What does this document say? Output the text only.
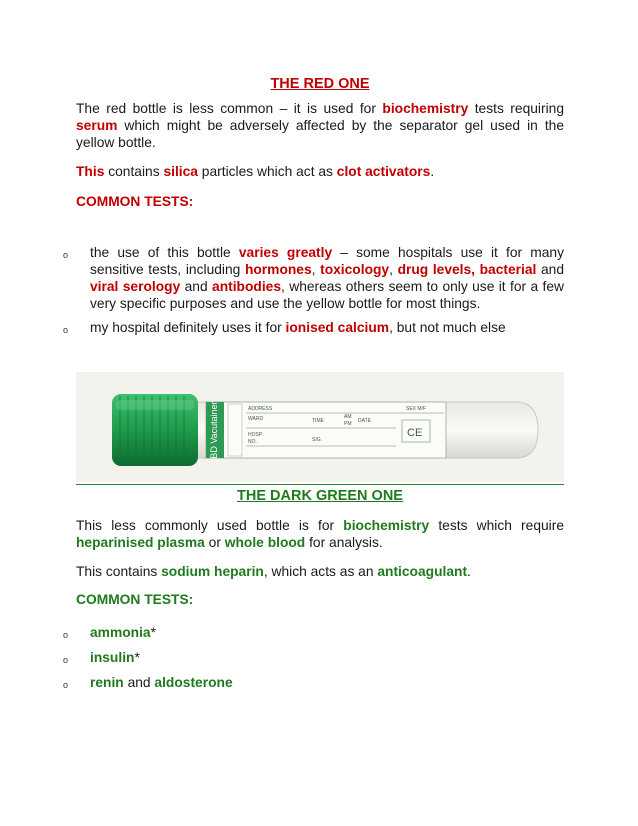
THE RED ONE

The red bottle is less common – it is used for biochemistry tests requiring serum which might be adversely affected by the separator gel used in the yellow bottle.

This contains silica particles which act as clot activators.

COMMON TESTS:
o the use of this bottle varies greatly – some hospitals use it for many sensitive tests, including hormones, toxicology, drug levels, bacterial and viral serology and antibodies, whereas others seem to only use it for a few very specific purposes and use the yellow bottle for most things.
o my hospital definitely uses it for ionised calcium, but not much else
BD Vacutainer	ADDRESS	SEX M/F
WARD	TIME
AM
PM DATE
HOSP.
NO.	SIG.
CE
THE DARK GREEN ONE

This less commonly used bottle is for biochemistry tests which require heparinised plasma or whole blood for analysis.

This contains sodium heparin, which acts as an anticoagulant.

COMMON TESTS:
o ammonia*
o insulin*
o renin and aldosterone
